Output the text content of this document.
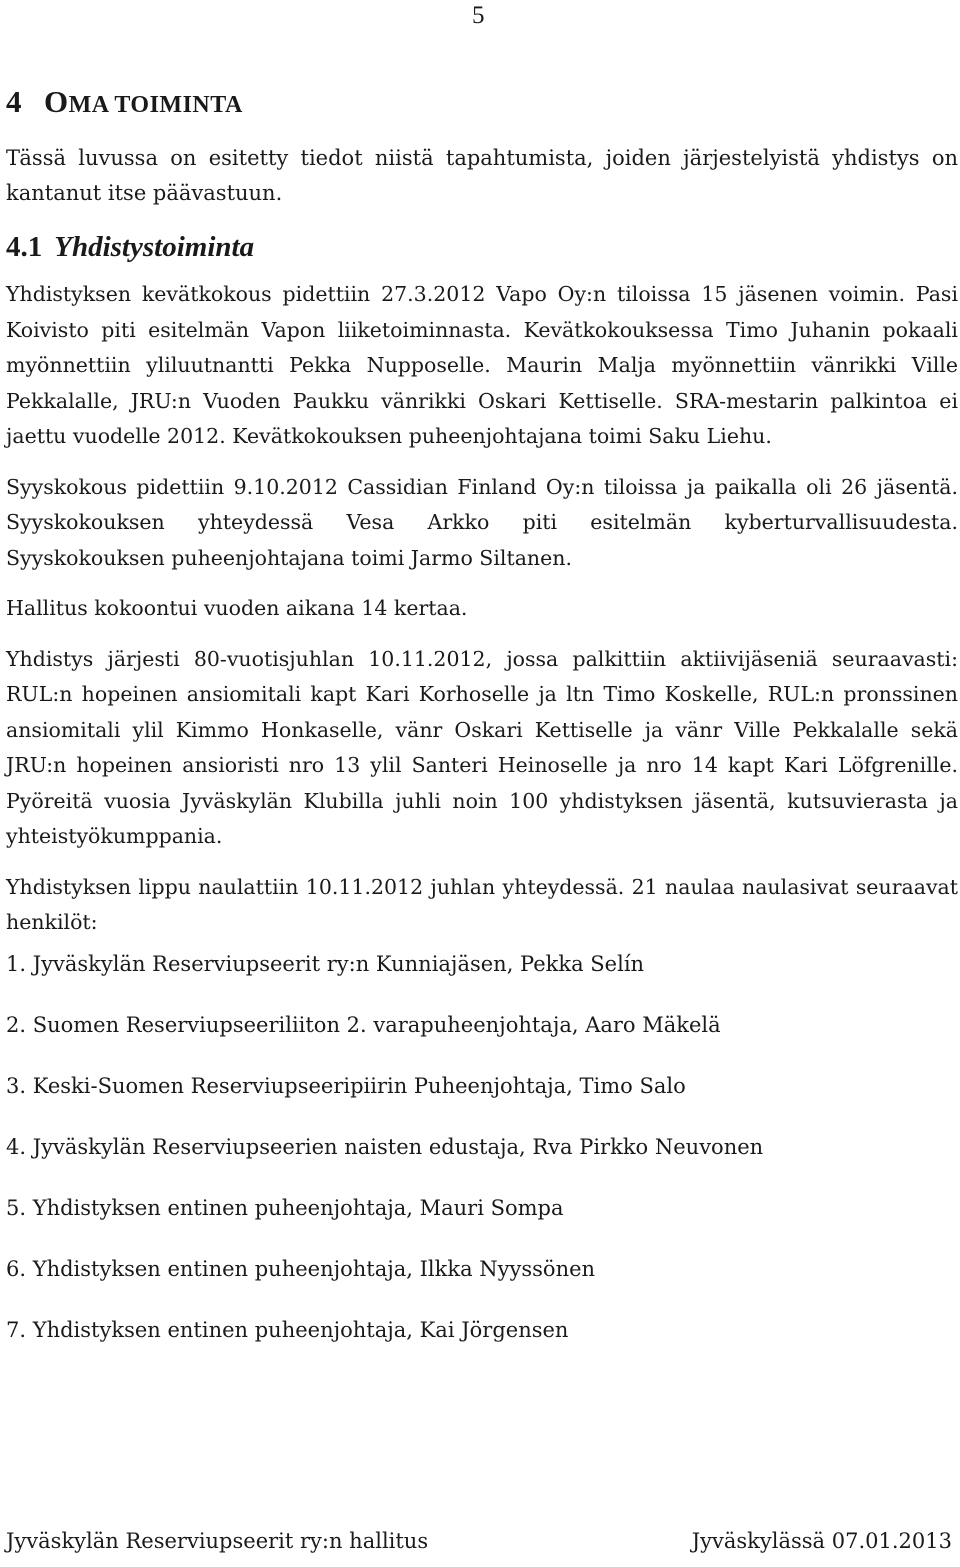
5
4 OMA TOIMINTA

Tässä luvussa on esitetty tiedot niistä tapahtumista, joiden järjestelyistä yhdistys on kantanut itse päävastuun.

4.1 Yhdistystoiminta

Yhdistyksen kevätkokous pidettiin 27.3.2012 Vapo Oy:n tiloissa 15 jäsenen voimin. Pasi Koivisto piti esitelmän Vapon liiketoiminnasta. Kevätkokouksessa Timo Juhanin pokaali myönnettiin yliluutnantti Pekka Nupposelle. Maurin Malja myönnettiin vänrikki Ville Pekkalalle, JRU:n Vuoden Paukku vänrikki Oskari Kettiselle. SRA-mestarin palkintoa ei jaettu vuodelle 2012. Kevätkokouksen puheenjohtajana toimi Saku Liehu.

Syyskokous pidettiin 9.10.2012 Cassidian Finland Oy:n tiloissa ja paikalla oli 26 jäsentä. Syyskokouksen yhteydessä Vesa Arkko piti esitelmän kyberturvallisuudesta. Syyskokouksen puheenjohtajana toimi Jarmo Siltanen.

Hallitus kokoontui vuoden aikana 14 kertaa.

Yhdistys järjesti 80-vuotisjuhlan 10.11.2012, jossa palkittiin aktiivijäseniä seuraavasti: RUL:n hopeinen ansiomitali kapt Kari Korhoselle ja ltn Timo Koskelle, RUL:n pronssinen ansiomitali ylil Kimmo Honkaselle, vänr Oskari Kettiselle ja vänr Ville Pekkalalle sekä JRU:n hopeinen ansioristi nro 13 ylil Santeri Heinoselle ja nro 14 kapt Kari Löfgrenille. Pyöreitä vuosia Jyväskylän Klubilla juhli noin 100 yhdistyksen jäsentä, kutsuvierasta ja yhteistyökumppania.

Yhdistyksen lippu naulattiin 10.11.2012 juhlan yhteydessä. 21 naulaa naulasivat seuraavat henkilöt:

1. Jyväskylän Reserviupseerit ry:n Kunniajäsen, Pekka Selín
2. Suomen Reserviupseeriliiton 2. varapuheenjohtaja, Aaro Mäkelä
3. Keski-Suomen Reserviupseeripiirin Puheenjohtaja, Timo Salo
4. Jyväskylän Reserviupseerien naisten edustaja, Rva Pirkko Neuvonen
5. Yhdistyksen entinen puheenjohtaja, Mauri Sompa
6. Yhdistyksen entinen puheenjohtaja, Ilkka Nyyssönen
7. Yhdistyksen entinen puheenjohtaja, Kai Jörgensen
Jyväskylän Reserviupseerit ry:n hallitus	Jyväskylässä 07.01.2013
